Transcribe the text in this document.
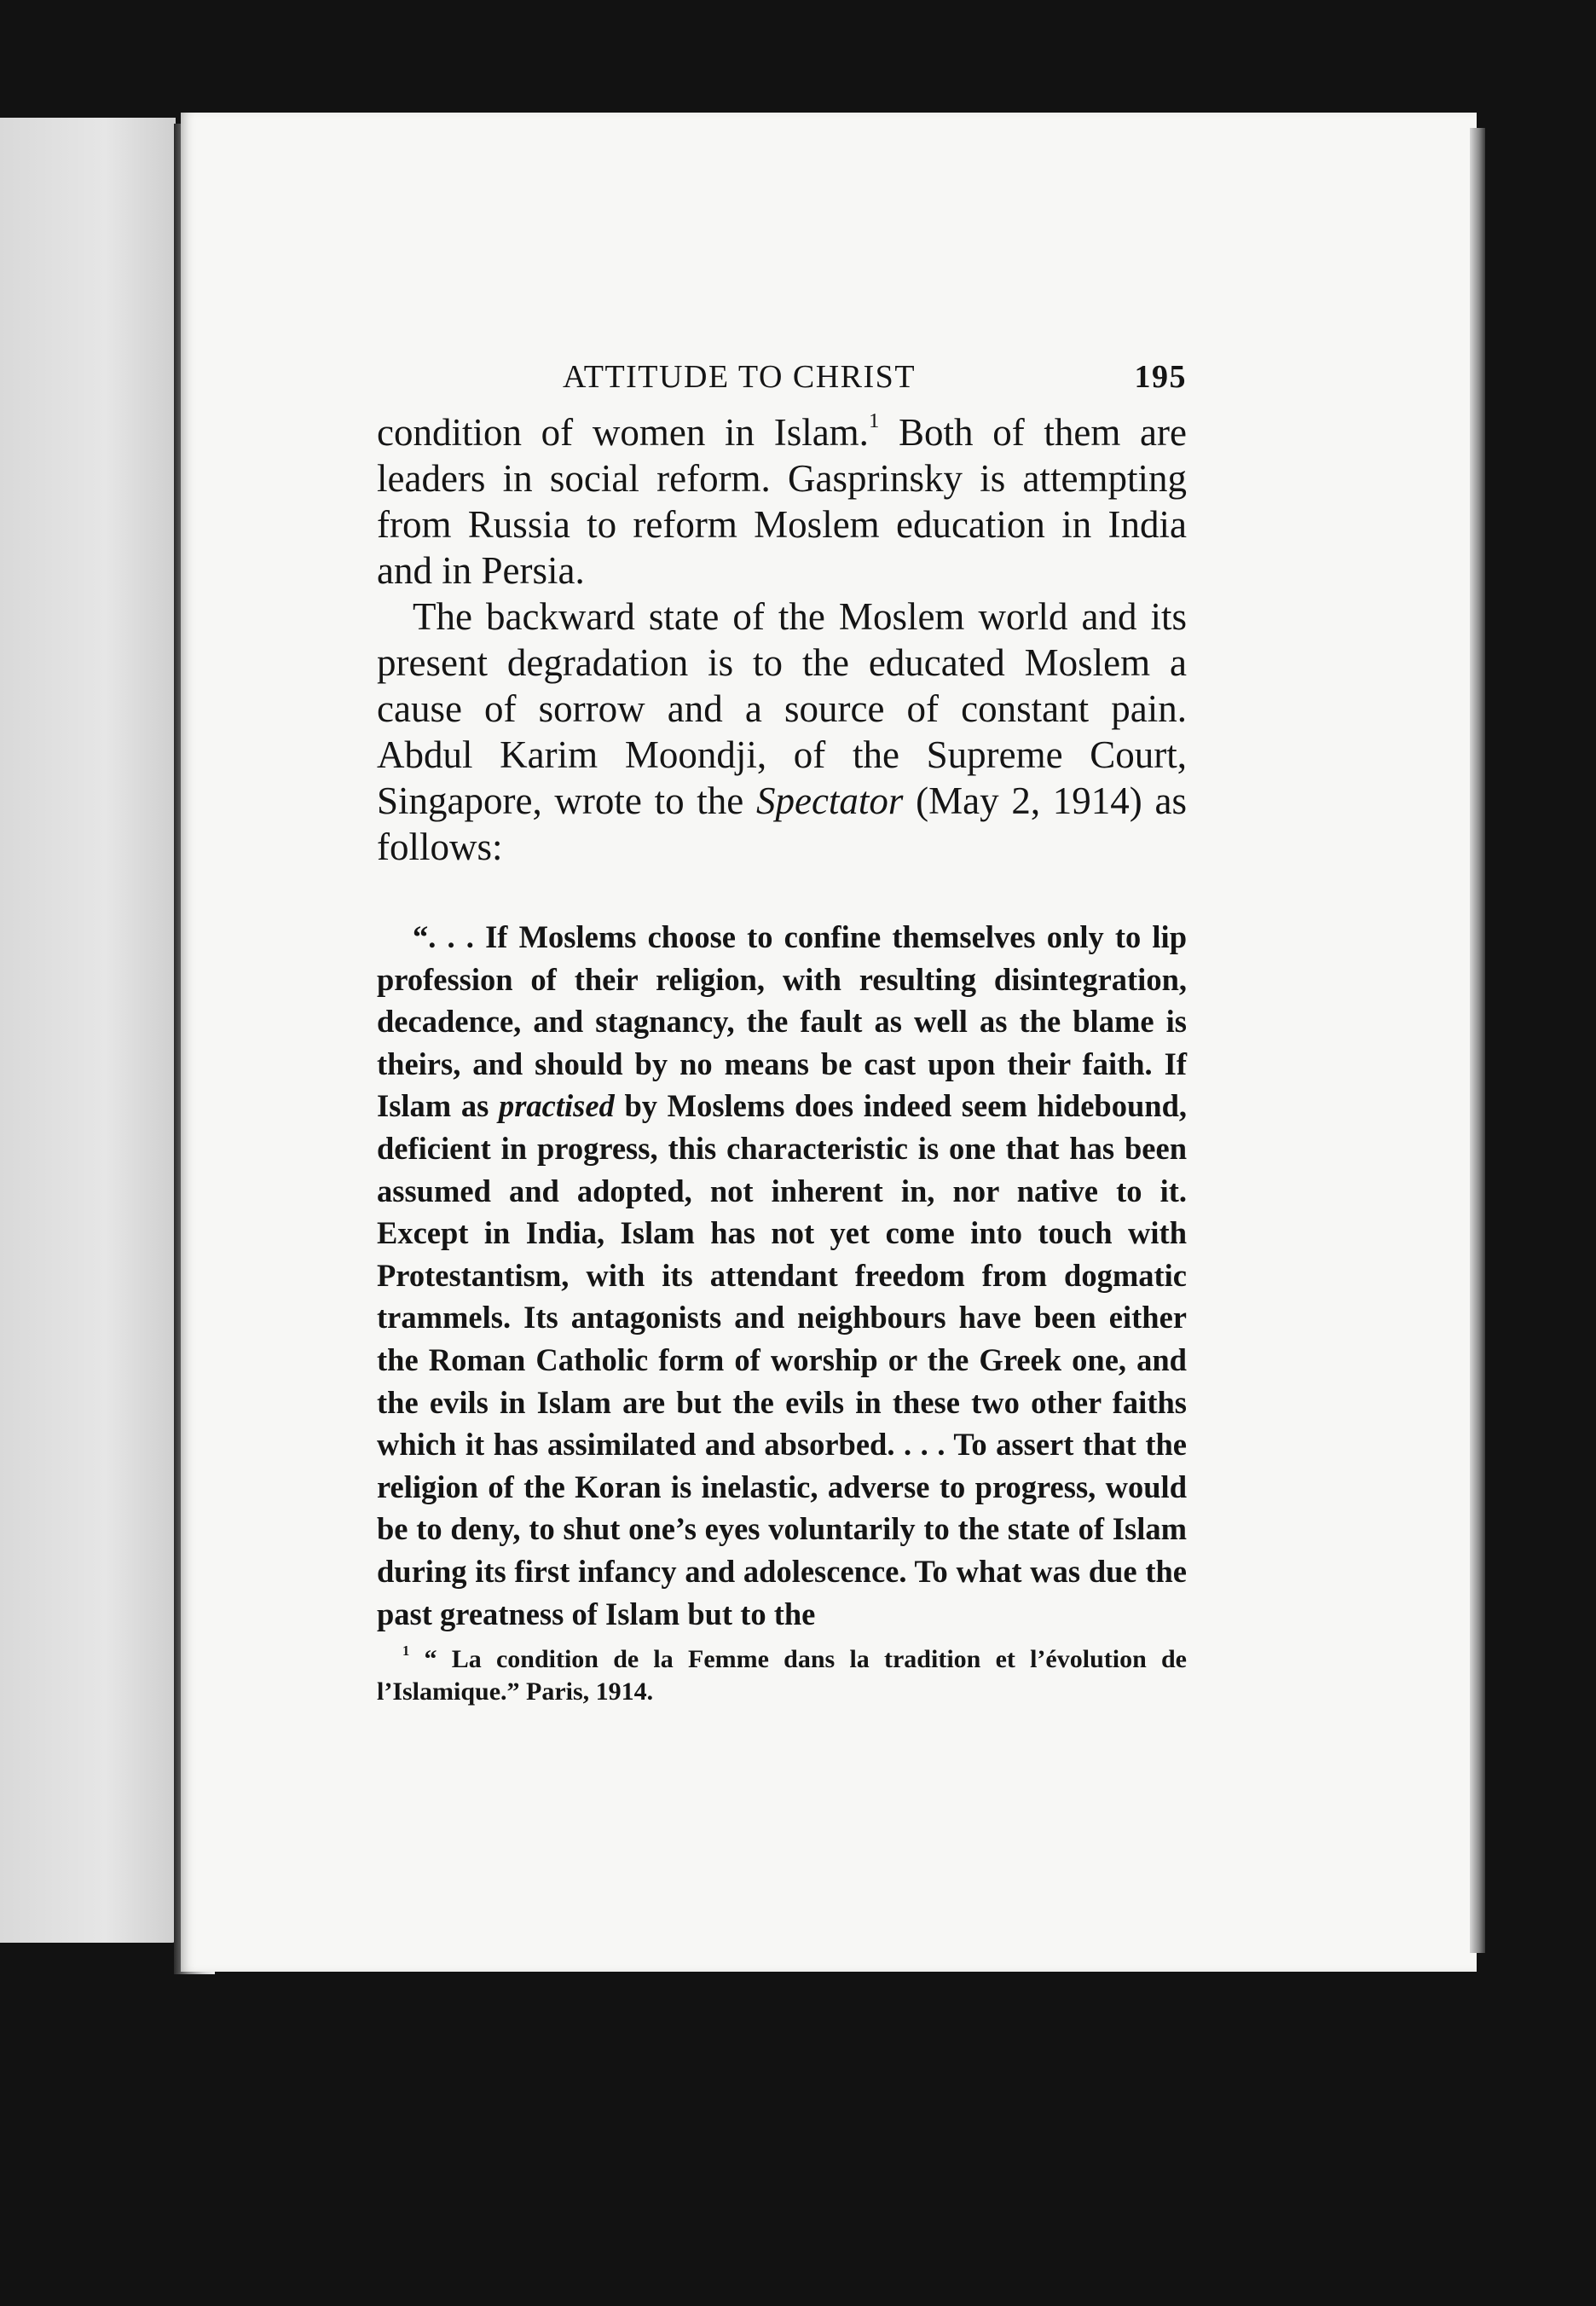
ATTITUDE TO CHRIST	195

condition of women in Islam.$^1$ Both of them are leaders in social reform. Gasprinsky is attempting from Russia to reform Moslem education in India and in Persia.

The backward state of the Moslem world and its present degradation is to the educated Moslem a cause of sorrow and a source of constant pain. Abdul Karim Moondji, of the Supreme Court, Singapore, wrote to the Spectator (May 2, 1914) as follows:

“. . . If Moslems choose to confine themselves only to lip profession of their religion, with resulting disintegration, decadence, and stagnancy, the fault as well as the blame is theirs, and should by no means be cast upon their faith. If Islam as practised by Moslems does indeed seem hidebound, deficient in progress, this characteristic is one that has been assumed and adopted, not inherent in, nor native to it. Except in India, Islam has not yet come into touch with Protestantism, with its attendant freedom from dogmatic trammels. Its antagonists and neighbours have been either the Roman Catholic form of worship or the Greek one, and the evils in Islam are but the evils in these two other faiths which it has assimilated and absorbed. . . . To assert that the religion of the Koran is inelastic, adverse to progress, would be to deny, to shut one’s eyes voluntarily to the state of Islam during its first infancy and adolescence. To what was due the past greatness of Islam but to the

$^1$ “ La condition de la Femme dans la tradition et l’évolution de l’Islamique.” Paris, 1914.
